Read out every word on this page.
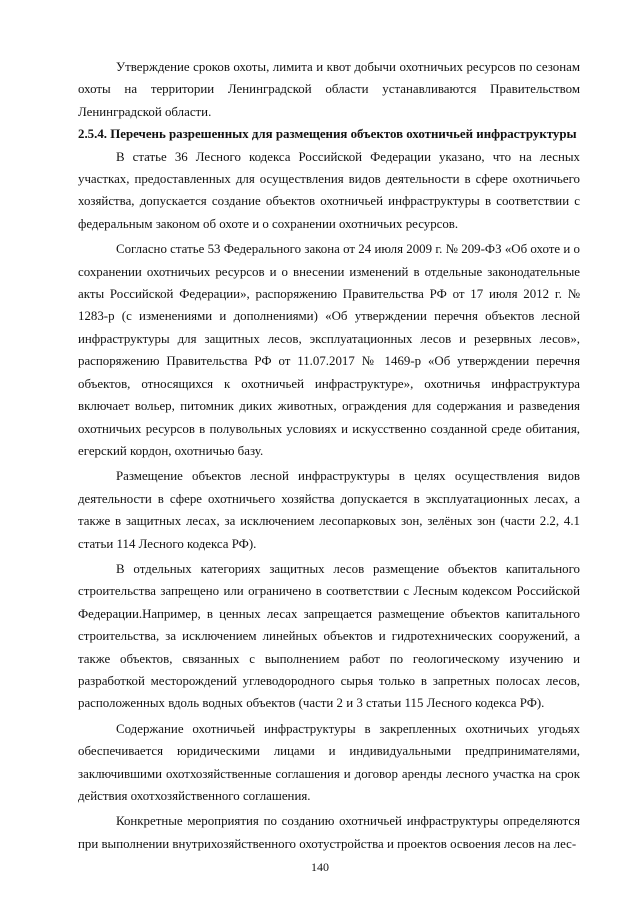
Утверждение сроков охоты, лимита и квот добычи охотничьих ресурсов по сезонам охоты на территории Ленинградской области устанавливаются Правительством Ленинградской области.

2.5.4. Перечень разрешенных для размещения объектов охотничьей инфраструктуры

В статье 36 Лесного кодекса Российской Федерации указано, что на лесных участках, предоставленных для осуществления видов деятельности в сфере охотничьего хозяйства, допускается создание объектов охотничьей инфраструктуры в соответствии с федеральным законом об охоте и о сохранении охотничьих ресурсов.

Согласно статье 53 Федерального закона от 24 июля 2009 г. № 209-ФЗ «Об охоте и о сохранении охотничьих ресурсов и о внесении изменений в отдельные законодательные акты Российской Федерации», распоряжению Правительства РФ от 17 июля 2012 г. № 1283-р (с изменениями и дополнениями) «Об утверждении перечня объектов лесной инфраструктуры для защитных лесов, эксплуатационных лесов и резервных лесов», распоряжению Правительства РФ от 11.07.2017 № 1469-р «Об утверждении перечня объектов, относящихся к охотничьей инфраструктуре», охотничья инфраструктура включает вольер, питомник диких животных, ограждения для содержания и разведения охотничьих ресурсов в полувольных условиях и искусственно созданной среде обитания, егерский кордон, охотничью базу.

Размещение объектов лесной инфраструктуры в целях осуществления видов деятельности в сфере охотничьего хозяйства допускается в эксплуатационных лесах, а также в защитных лесах, за исключением лесопарковых зон, зелёных зон (части 2.2, 4.1 статьи 114 Лесного кодекса РФ).

В отдельных категориях защитных лесов размещение объектов капитального строительства запрещено или ограничено в соответствии с Лесным кодексом Российской Федерации.Например, в ценных лесах запрещается размещение объектов капитального строительства, за исключением линейных объектов и гидротехнических сооружений, а также объектов, связанных с выполнением работ по геологическому изучению и разработкой месторождений углеводородного сырья только в запретных полосах лесов, расположенных вдоль водных объектов (части 2 и 3 статьи 115 Лесного кодекса РФ).

Содержание охотничьей инфраструктуры в закрепленных охотничьих угодьях обеспечивается юридическими лицами и индивидуальными предпринимателями, заключившими охотхозяйственные соглашения и договор аренды лесного участка на срок действия охотхозяйственного соглашения.

Конкретные мероприятия по созданию охотничьей инфраструктуры определяются при выполнении внутрихозяйственного охотустройства и проектов освоения лесов на лес-

140
